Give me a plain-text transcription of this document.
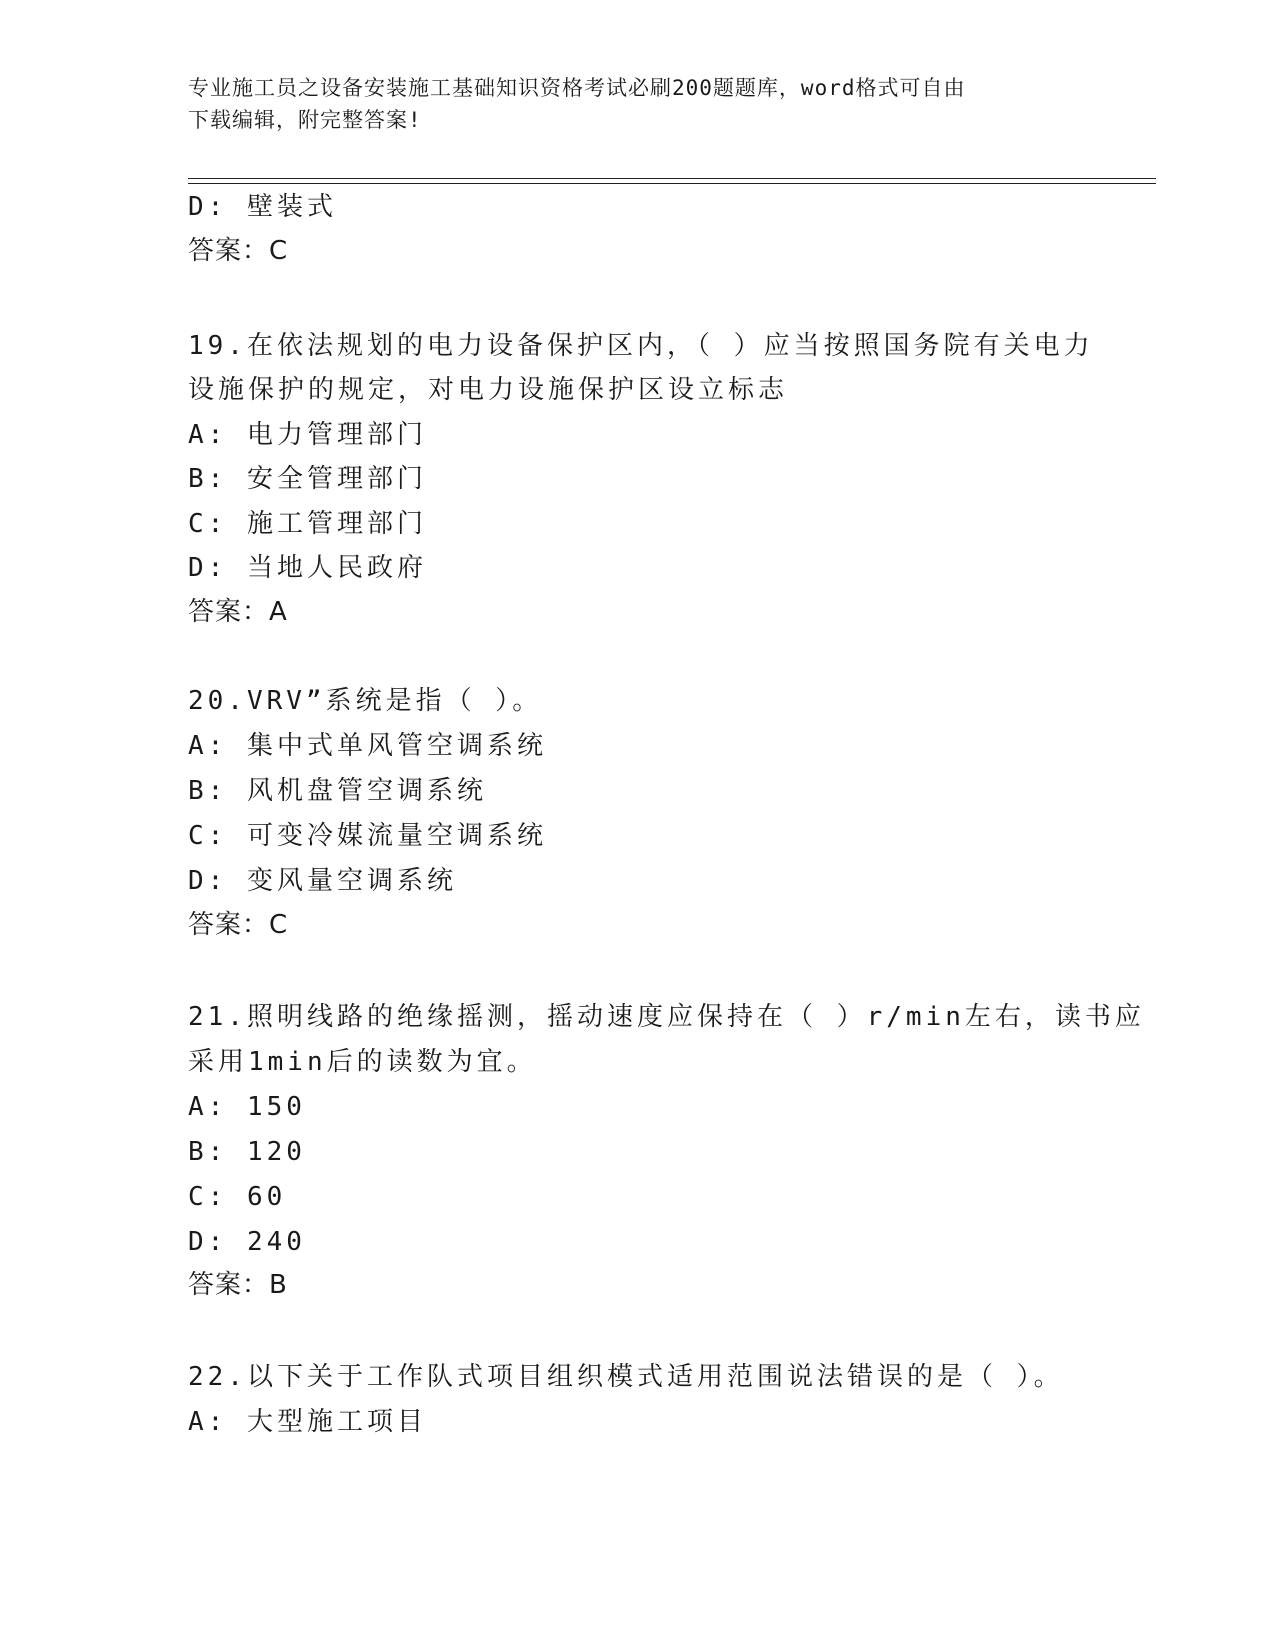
专业施工员之设备安装施工基础知识资格考试必刷200题题库，word格式可自由
下载编辑，附完整答案!
D: 壁装式
答案：C
19.在依法规划的电力设备保护区内，（ ）应当按照国务院有关电力
设施保护的规定，对电力设施保护区设立标志
A: 电力管理部门
B: 安全管理部门
C: 施工管理部门
D: 当地人民政府
答案：A
20.VRV”系统是指（ ）。
A: 集中式单风管空调系统
B: 风机盘管空调系统
C: 可变冷媒流量空调系统
D: 变风量空调系统
答案：C
21.照明线路的绝缘摇测，摇动速度应保持在（ ）r/min左右，读书应
采用1min后的读数为宜。
A: 150
B: 120
C: 60
D: 240
答案：B
22.以下关于工作队式项目组织模式适用范围说法错误的是（ ）。
A: 大型施工项目
